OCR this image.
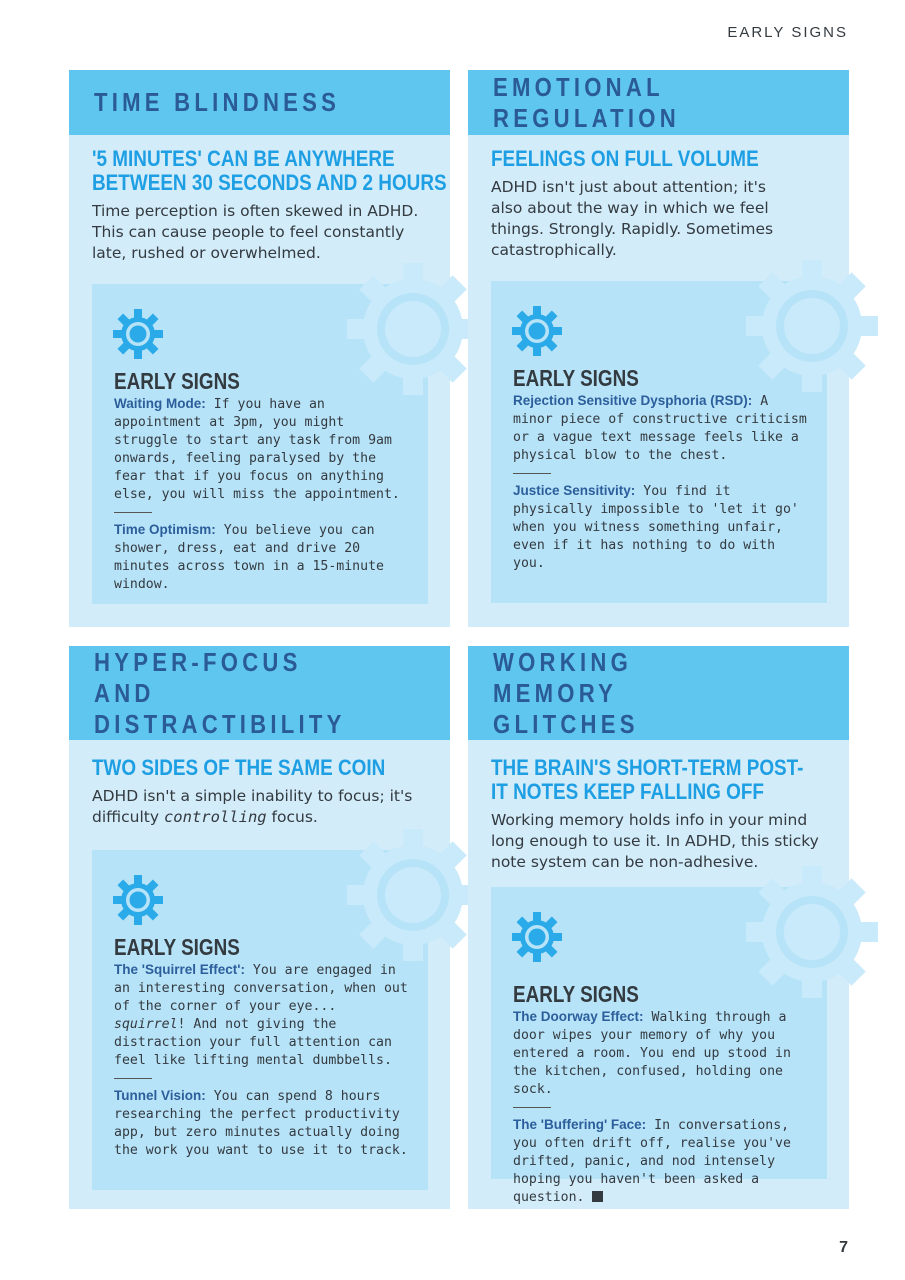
EARLY SIGNS
TIME BLINDNESS
'5 MINUTES' CAN BE ANYWHERE BETWEEN 30 SECONDS AND 2 HOURS

Time perception is often skewed in ADHD. This can cause people to feel constantly late, rushed or overwhelmed.

EARLY SIGNS

Waiting Mode: If you have an appointment at 3pm, you might struggle to start any task from 9am onwards, feeling paralysed by the fear that if you focus on anything else, you will miss the appointment.

Time Optimism: You believe you can shower, dress, eat and drive 20 minutes across town in a 15-minute window.

EMOTIONAL REGULATION
FEELINGS ON FULL VOLUME

ADHD isn't just about attention; it's also about the way in which we feel things. Strongly. Rapidly. Sometimes catastrophically.

EARLY SIGNS

Rejection Sensitive Dysphoria (RSD): A minor piece of constructive criticism or a vague text message feels like a physical blow to the chest.

Justice Sensitivity: You find it physically impossible to 'let it go' when you witness something unfair, even if it has nothing to do with you.

HYPER-FOCUS AND DISTRACTIBILITY
TWO SIDES OF THE SAME COIN

ADHD isn't a simple inability to focus; it's difficulty controlling focus.

EARLY SIGNS

The 'Squirrel Effect': You are engaged in an interesting conversation, when out of the corner of your eye... squirrel! And not giving the distraction your full attention can feel like lifting mental dumbbells.

Tunnel Vision: You can spend 8 hours researching the perfect productivity app, but zero minutes actually doing the work you want to use it to track.

WORKING MEMORY GLITCHES
THE BRAIN'S SHORT-TERM POST-IT NOTES KEEP FALLING OFF

Working memory holds info in your mind long enough to use it. In ADHD, this sticky note system can be non-adhesive.

EARLY SIGNS

The Doorway Effect: Walking through a door wipes your memory of why you entered a room. You end up stood in the kitchen, confused, holding one sock.

The 'Buffering' Face: In conversations, you often drift off, realise you've drifted, panic, and nod intensely hoping you haven't been asked a question.

7
